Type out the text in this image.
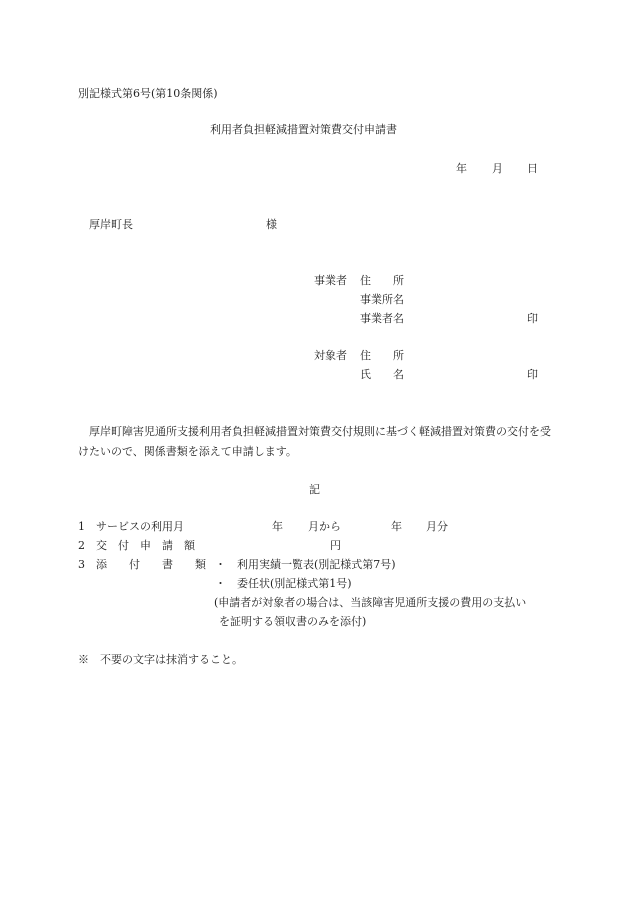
別記様式第6号(第10条関係)
利用者負担軽減措置対策費交付申請書
年 月 日
厚岸町長	様
事業者 住　　所
事業所名
事業者名	印
対象者 住　　所
氏　　名	印
厚岸町障害児通所支援利用者負担軽減措置対策費交付規則に基づく軽減措置対策費の交付を受けたいので、関係書類を添えて申請します。
記
1 サービスの利用月	年 月から	年 月分
2 交　付　申　請　額	円
3 添　　付　　書　　類 ・ 利用実績一覧表(別記様式第7号)
・ 委任状(別記様式第1号)
(申請者が対象者の場合は、当該障害児通所支援の費用の支払い
を証明する領収書のみを添付)
※　不要の文字は抹消すること。
